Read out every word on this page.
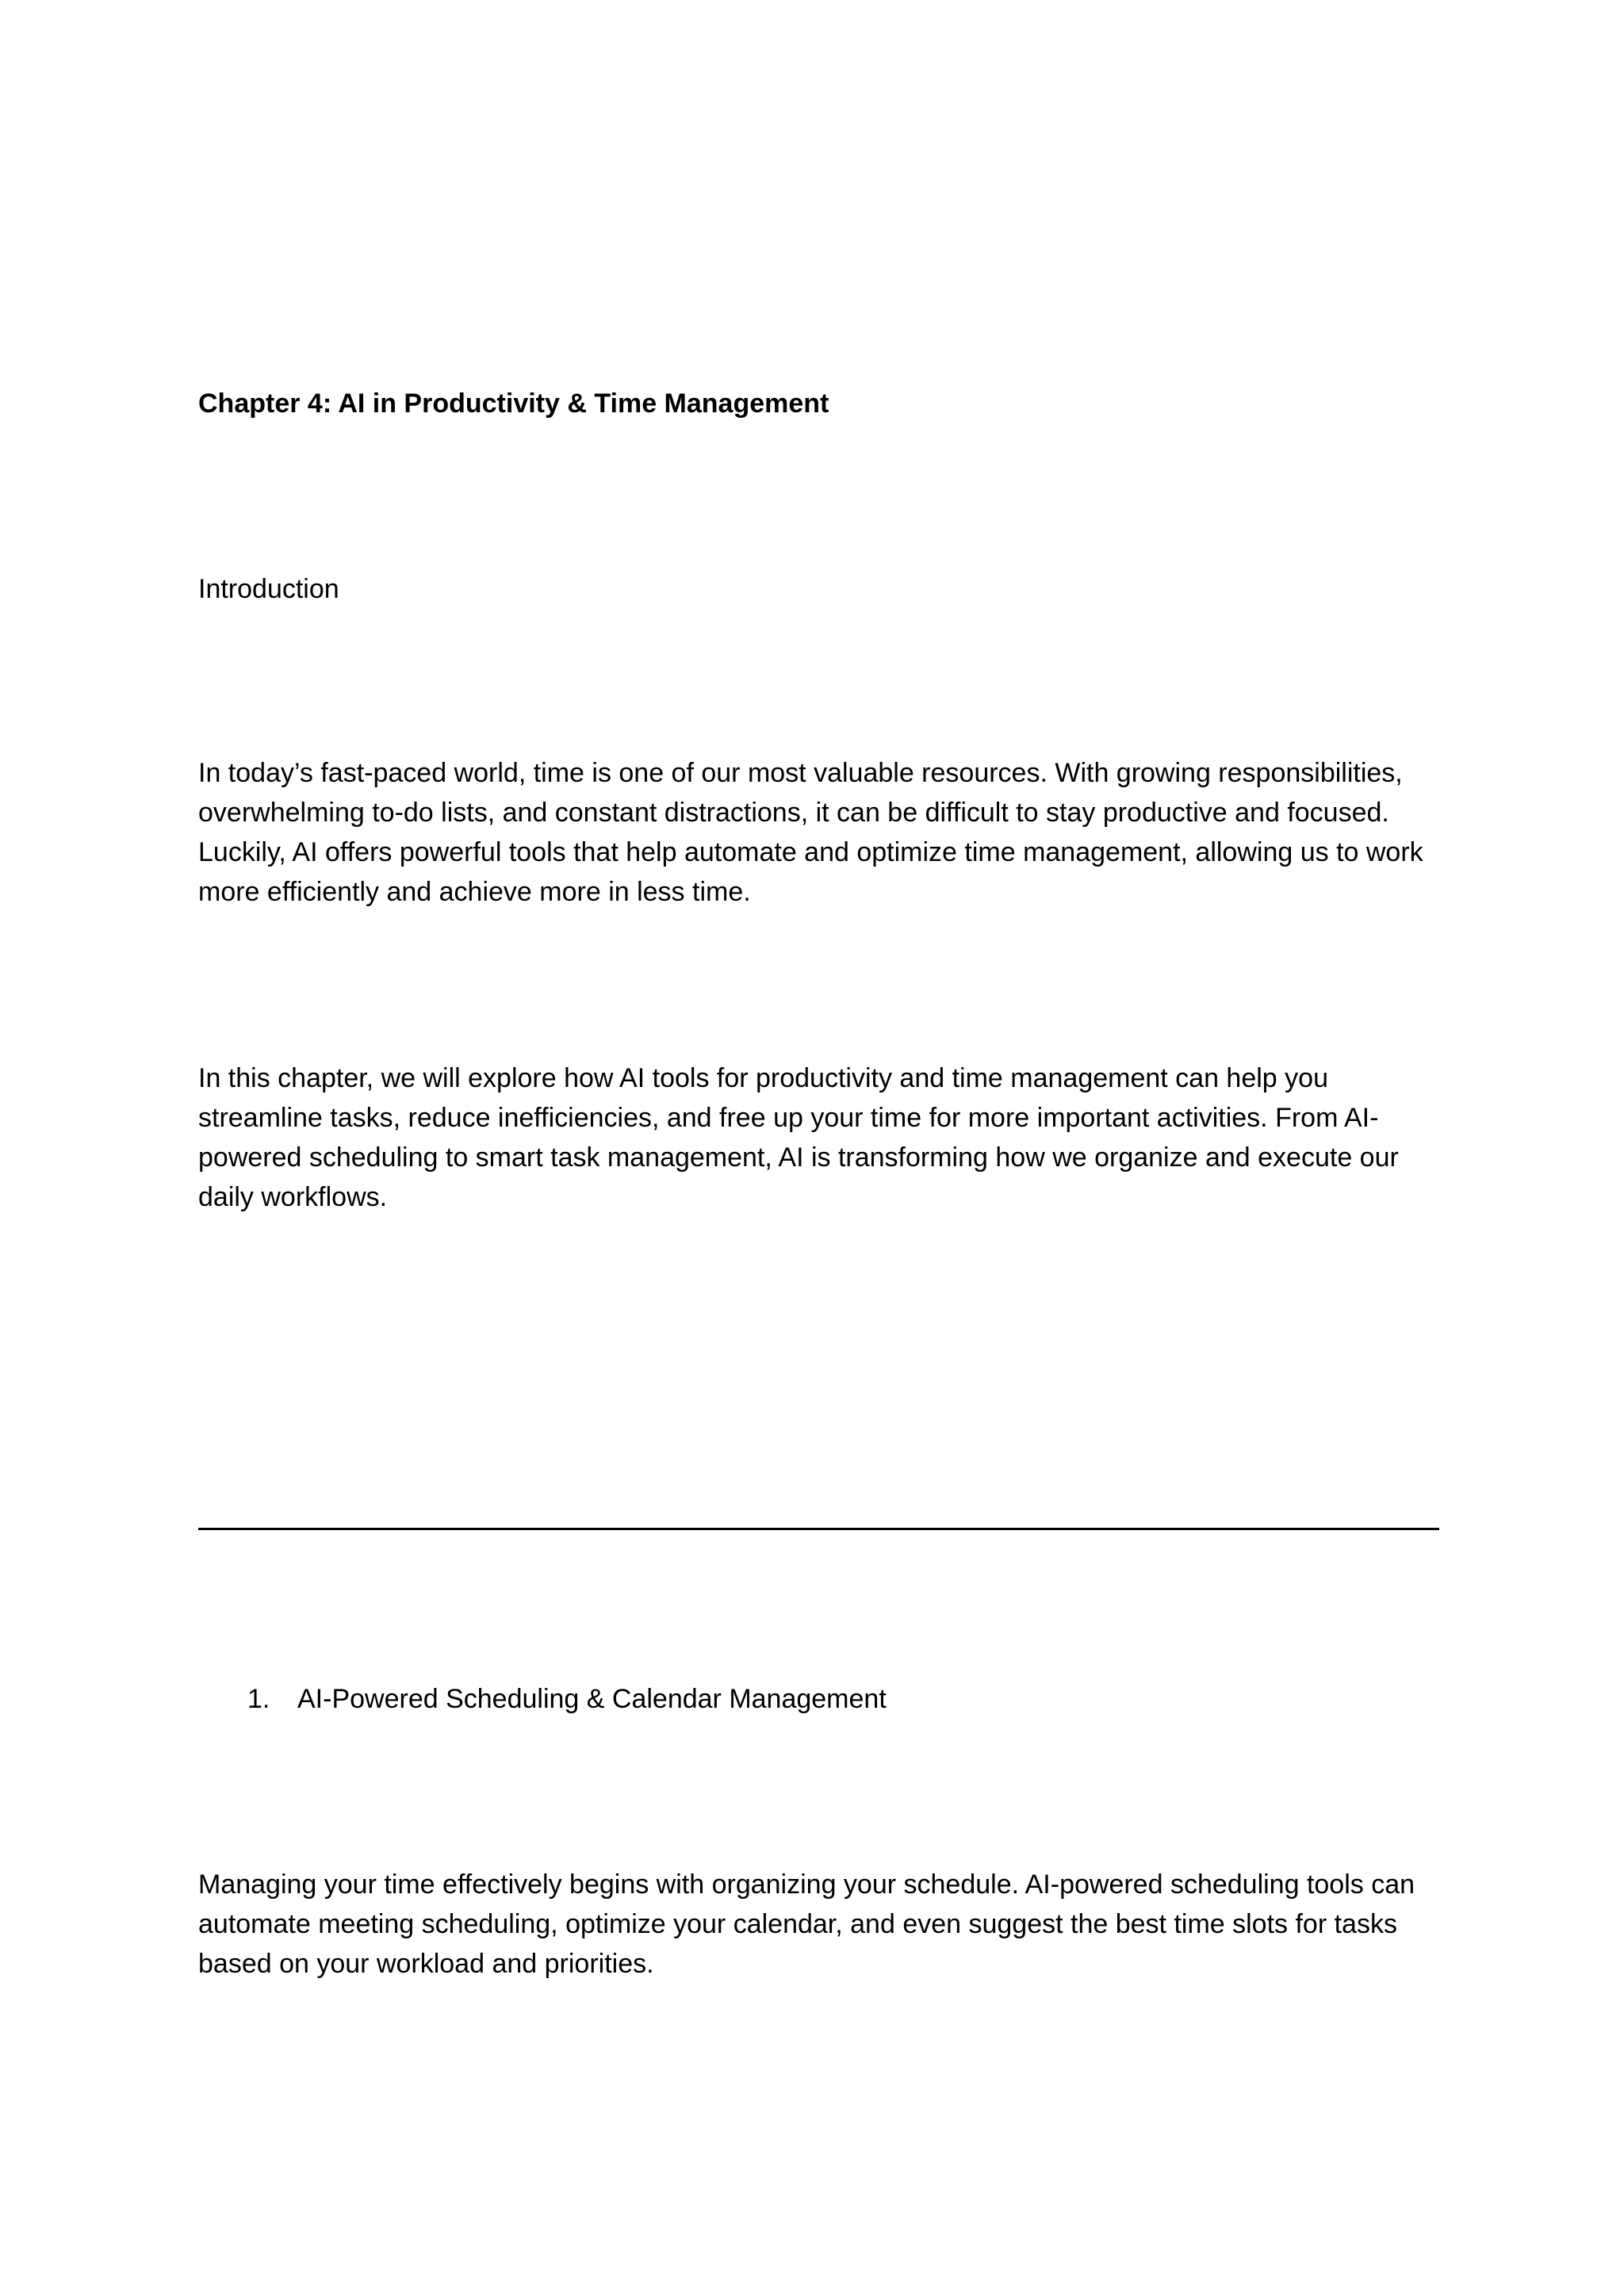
Chapter 4: AI in Productivity & Time Management

Introduction

In today’s fast-paced world, time is one of our most valuable resources. With growing responsibilities, overwhelming to-do lists, and constant distractions, it can be difficult to stay productive and focused. Luckily, AI offers powerful tools that help automate and optimize time management, allowing us to work more efficiently and achieve more in less time.

In this chapter, we will explore how AI tools for productivity and time management can help you streamline tasks, reduce inefficiencies, and free up your time for more important activities. From AI-powered scheduling to smart task management, AI is transforming how we organize and execute our daily workflows.

1.	AI-Powered Scheduling & Calendar Management

Managing your time effectively begins with organizing your schedule. AI-powered scheduling tools can automate meeting scheduling, optimize your calendar, and even suggest the best time slots for tasks based on your workload and priorities.
